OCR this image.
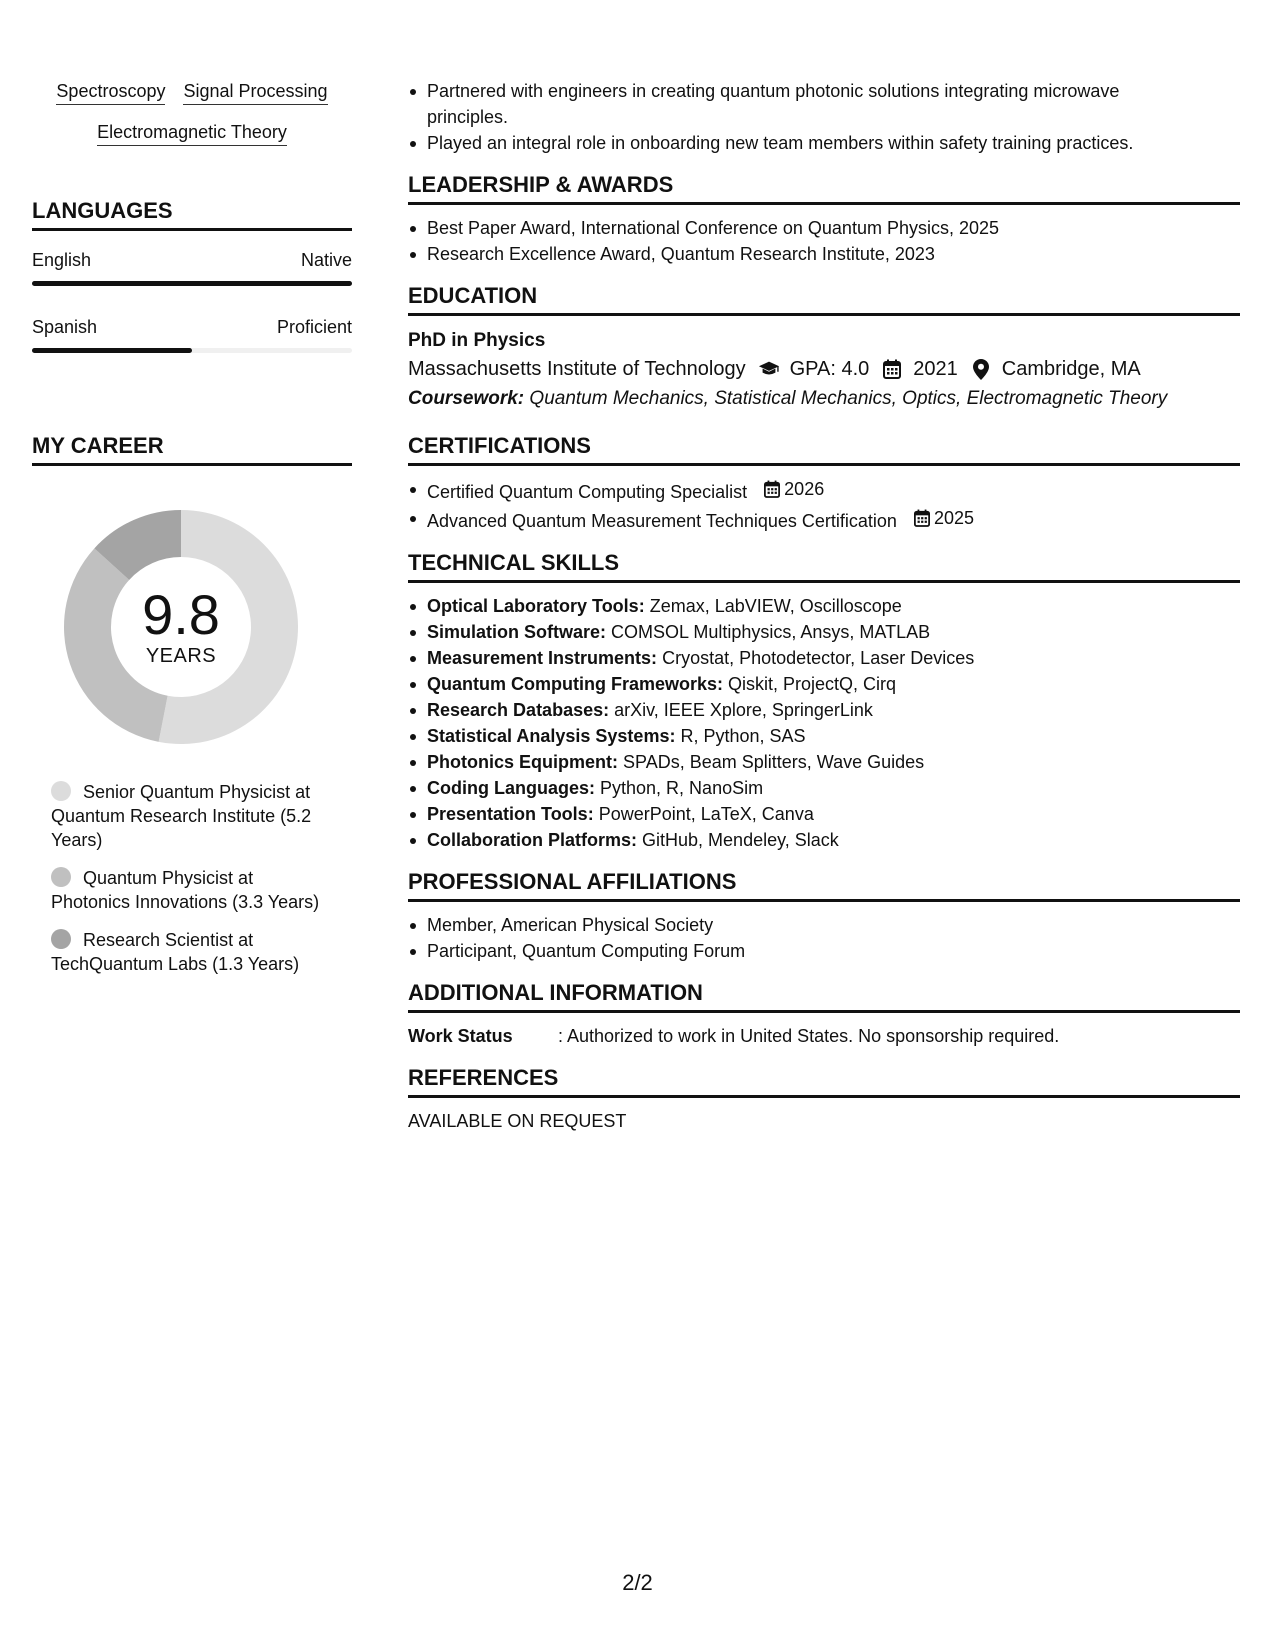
Spectroscopy Signal Processing
Electromagnetic Theory
LANGUAGES
English	Native
Spanish	Proficient
MY CAREER
9.8
YEARS
Senior Quantum Physicist at Quantum Research Institute (5.2 Years)
Quantum Physicist at Photonics Innovations (3.3 Years)
Research Scientist at TechQuantum Labs (1.3 Years)
Partnered with engineers in creating quantum photonic solutions integrating microwave principles.
Played an integral role in onboarding new team members within safety training practices.
LEADERSHIP & AWARDS
Best Paper Award, International Conference on Quantum Physics, 2025
Research Excellence Award, Quantum Research Institute, 2023
EDUCATION
PhD in Physics
Massachusetts Institute of Technology GPA: 4.0 2021 Cambridge, MA
Coursework: Quantum Mechanics, Statistical Mechanics, Optics, Electromagnetic Theory
CERTIFICATIONS
Certified Quantum Computing Specialist 2026
Advanced Quantum Measurement Techniques Certification 2025
TECHNICAL SKILLS
Optical Laboratory Tools: Zemax, LabVIEW, Oscilloscope
Simulation Software: COMSOL Multiphysics, Ansys, MATLAB
Measurement Instruments: Cryostat, Photodetector, Laser Devices
Quantum Computing Frameworks: Qiskit, ProjectQ, Cirq
Research Databases: arXiv, IEEE Xplore, SpringerLink
Statistical Analysis Systems: R, Python, SAS
Photonics Equipment: SPADs, Beam Splitters, Wave Guides
Coding Languages: Python, R, NanoSim
Presentation Tools: PowerPoint, LaTeX, Canva
Collaboration Platforms: GitHub, Mendeley, Slack
PROFESSIONAL AFFILIATIONS
Member, American Physical Society
Participant, Quantum Computing Forum
ADDITIONAL INFORMATION
Work Status	: Authorized to work in United States. No sponsorship required.
REFERENCES
AVAILABLE ON REQUEST
2/2
